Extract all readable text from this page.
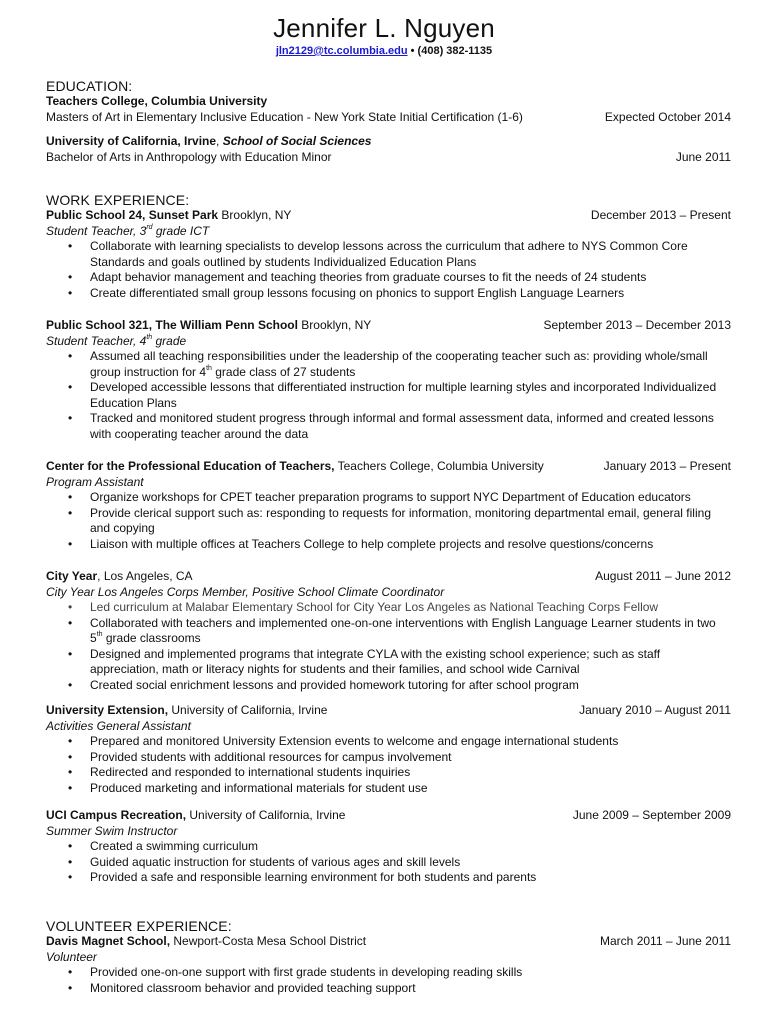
Jennifer L. Nguyen
jln2129@tc.columbia.edu • (408) 382-1135
EDUCATION:
Teachers College, Columbia University
Masters of Art in Elementary Inclusive Education - New York State Initial Certification (1-6)	Expected October 2014
University of California, Irvine, School of Social Sciences
Bachelor of Arts in Anthropology with Education Minor	June 2011
WORK EXPERIENCE:
Public School 24, Sunset Park Brooklyn, NY	December 2013 – Present
Student Teacher, 3rd grade ICT
• Collaborate with learning specialists to develop lessons across the curriculum that adhere to NYS Common Core Standards and goals outlined by students Individualized Education Plans
• Adapt behavior management and teaching theories from graduate courses to fit the needs of 24 students
• Create differentiated small group lessons focusing on phonics to support English Language Learners
Public School 321, The William Penn School Brooklyn, NY	September 2013 – December 2013
Student Teacher, 4th grade
• Assumed all teaching responsibilities under the leadership of the cooperating teacher such as: providing whole/small group instruction for 4th grade class of 27 students
• Developed accessible lessons that differentiated instruction for multiple learning styles and incorporated Individualized Education Plans
• Tracked and monitored student progress through informal and formal assessment data, informed and created lessons with cooperating teacher around the data
Center for the Professional Education of Teachers, Teachers College, Columbia University	January 2013 – Present
Program Assistant
• Organize workshops for CPET teacher preparation programs to support NYC Department of Education educators
• Provide clerical support such as: responding to requests for information, monitoring departmental email, general filing and copying
• Liaison with multiple offices at Teachers College to help complete projects and resolve questions/concerns
City Year, Los Angeles, CA	August 2011 – June 2012
City Year Los Angeles Corps Member, Positive School Climate Coordinator
• Led curriculum at Malabar Elementary School for City Year Los Angeles as National Teaching Corps Fellow
• Collaborated with teachers and implemented one-on-one interventions with English Language Learner students in two 5th grade classrooms
• Designed and implemented programs that integrate CYLA with the existing school experience; such as staff appreciation, math or literacy nights for students and their families, and school wide Carnival
• Created social enrichment lessons and provided homework tutoring for after school program
University Extension, University of California, Irvine	January 2010 – August 2011
Activities General Assistant
• Prepared and monitored University Extension events to welcome and engage international students
• Provided students with additional resources for campus involvement
• Redirected and responded to international students inquiries
• Produced marketing and informational materials for student use
UCI Campus Recreation, University of California, Irvine	June 2009 – September 2009
Summer Swim Instructor
• Created a swimming curriculum
• Guided aquatic instruction for students of various ages and skill levels
• Provided a safe and responsible learning environment for both students and parents
VOLUNTEER EXPERIENCE:
Davis Magnet School, Newport-Costa Mesa School District	March 2011 – June 2011
Volunteer
• Provided one-on-one support with first grade students in developing reading skills
• Monitored classroom behavior and provided teaching support
